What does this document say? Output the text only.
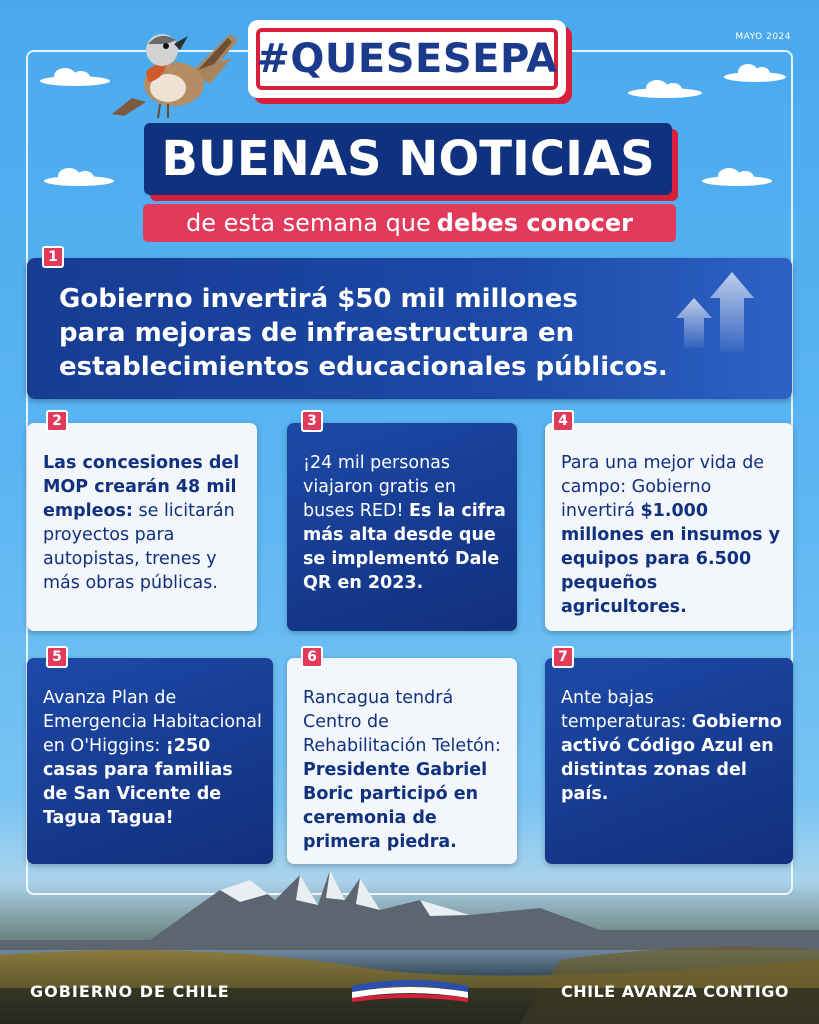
MAYO 2024
#QUESESEPA
BUENAS NOTICIAS
de esta semana que debes conocer
1
Gobierno invertirá $50 mil millones
para mejoras de infraestructura en
establecimientos educacionales públicos.
2
Las concesiones del MOP crearán 48 mil empleos: se licitarán proyectos para autopistas, trenes y más obras públicas.
3
¡24 mil personas viajaron gratis en buses RED! Es la cifra más alta desde que se implementó Dale QR en 2023.
4
Para una mejor vida de campo: Gobierno invertirá $1.000 millones en insumos y equipos para 6.500 pequeños agricultores.
5
Avanza Plan de Emergencia Habitacional en O'Higgins: ¡250 casas para familias de San Vicente de Tagua Tagua!
6
Rancagua tendrá Centro de Rehabilitación Teletón: Presidente Gabriel Boric participó en ceremonia de primera piedra.
7
Ante bajas temperaturas: Gobierno activó Código Azul en distintas zonas del país.
GOBIERNO DE CHILE	CHILE AVANZA CONTIGO
